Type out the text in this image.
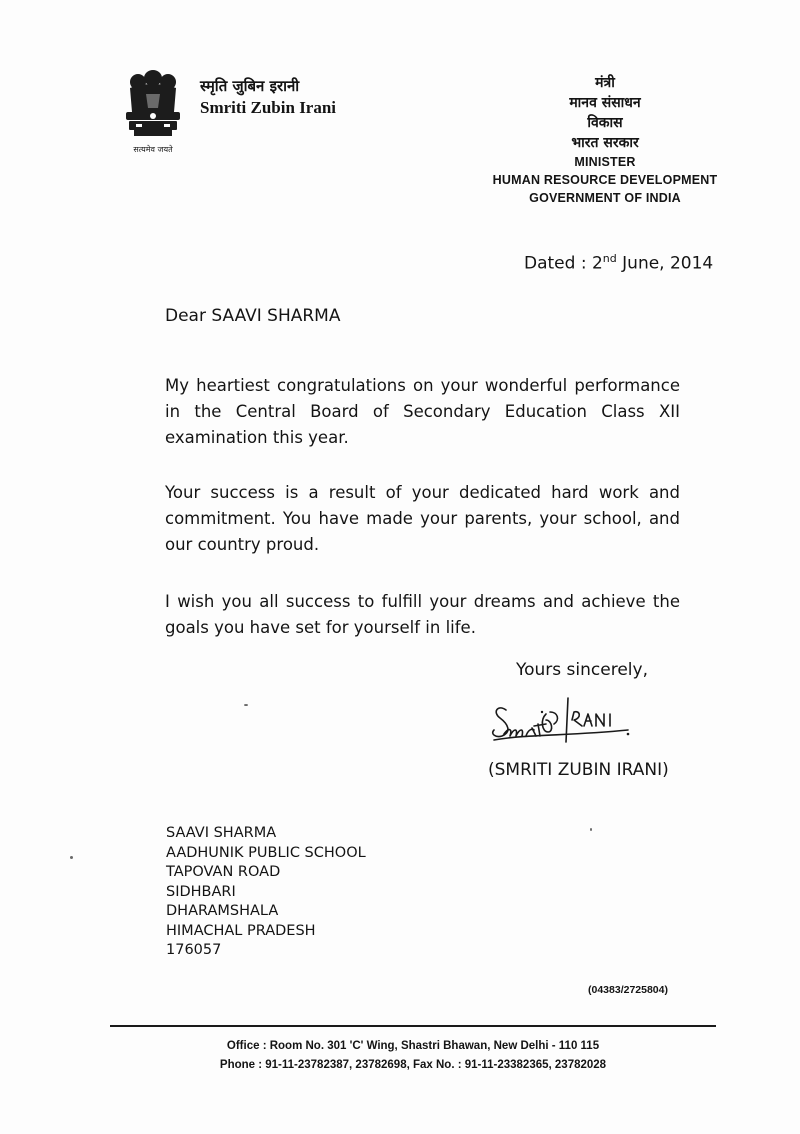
सत्यमेव जयते
स्मृति जुबिन इरानी
Smriti Zubin Irani
मंत्री
मानव संसाधन
विकास
भारत सरकार
MINISTER
HUMAN RESOURCE DEVELOPMENT
GOVERNMENT OF INDIA
Dated : 2nd June, 2014
Dear SAAVI SHARMA
My heartiest congratulations on your wonderful performance in the Central Board of Secondary Education Class XII examination this year.
Your success is a result of your dedicated hard work and commitment. You have made your parents, your school, and our country proud.
I wish you all success to fulfill your dreams and achieve the goals you have set for yourself in life.
Yours sincerely,
(SMRITI ZUBIN IRANI)
SAAVI SHARMA
AADHUNIK PUBLIC SCHOOL
TAPOVAN ROAD
SIDHBARI
DHARAMSHALA
HIMACHAL PRADESH
176057
(04383/2725804)
Office : Room No. 301 'C' Wing, Shastri Bhawan, New Delhi - 110 115
Phone : 91-11-23782387, 23782698, Fax No. : 91-11-23382365, 23782028
